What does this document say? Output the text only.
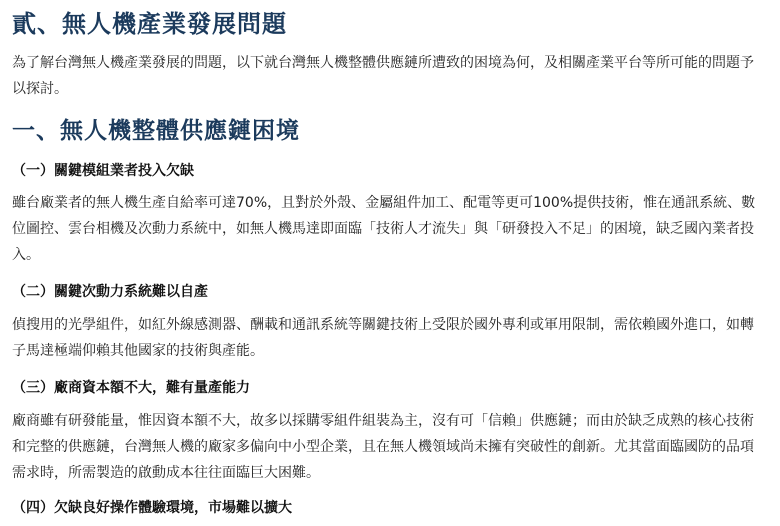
貳、無人機產業發展問題

為了解台灣無人機產業發展的問題，以下就台灣無人機整體供應鏈所遭致的困境為何，及相關產業平台等所可能的問題予以探討。

一、無人機整體供應鏈困境
（一）關鍵模組業者投入欠缺

雖台廠業者的無人機生產自給率可達70%，且對於外殼、金屬組件加工、配電等更可100%提供技術，惟在通訊系統、數位圖控、雲台相機及次動力系統中，如無人機馬達即面臨「技術人才流失」與「研發投入不足」的困境，缺乏國內業者投入。

（二）關鍵次動力系統難以自產

偵搜用的光學組件，如紅外線感測器、酬載和通訊系統等關鍵技術上受限於國外專利或軍用限制，需依賴國外進口，如轉子馬達極端仰賴其他國家的技術與產能。

（三）廠商資本額不大，難有量產能力

廠商雖有研發能量，惟因資本額不大，故多以採購零組件組裝為主，沒有可「信賴」供應鏈；而由於缺乏成熟的核心技術和完整的供應鏈，台灣無人機的廠家多偏向中小型企業，且在無人機領域尚未擁有突破性的創新。尤其當面臨國防的品項需求時，所需製造的啟動成本往往面臨巨大困難。

（四）欠缺良好操作體驗環境，市場難以擴大
